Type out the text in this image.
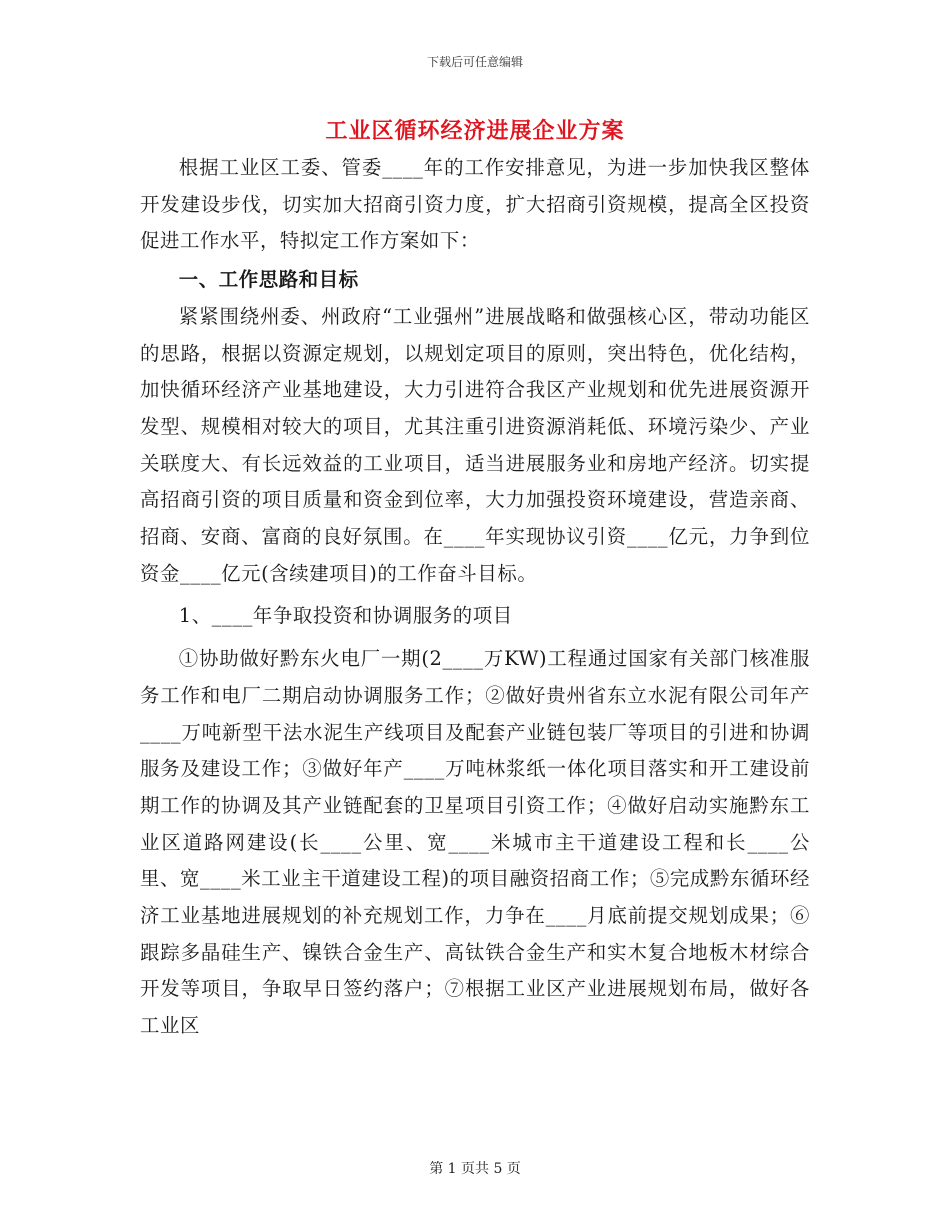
下载后可任意编辑
工业区循环经济进展企业方案

根据工业区工委、管委____年的工作安排意见，为进一步加快我区整体开发建设步伐，切实加大招商引资力度，扩大招商引资规模，提高全区投资促进工作水平，特拟定工作方案如下：

一、工作思路和目标

紧紧围绕州委、州政府“工业强州”进展战略和做强核心区，带动功能区的思路，根据以资源定规划，以规划定项目的原则，突出特色，优化结构，加快循环经济产业基地建设，大力引进符合我区产业规划和优先进展资源开发型、规模相对较大的项目，尤其注重引进资源消耗低、环境污染少、产业关联度大、有长远效益的工业项目，适当进展服务业和房地产经济。切实提高招商引资的项目质量和资金到位率，大力加强投资环境建设，营造亲商、招商、安商、富商的良好氛围。在____年实现协议引资____亿元，力争到位资金____亿元(含续建项目)的工作奋斗目标。

1、____年争取投资和协调服务的项目

①协助做好黔东火电厂一期(2____万KW)工程通过国家有关部门核准服务工作和电厂二期启动协调服务工作；②做好贵州省东立水泥有限公司年产____万吨新型干法水泥生产线项目及配套产业链包装厂等项目的引进和协调服务及建设工作；③做好年产____万吨林浆纸一体化项目落实和开工建设前期工作的协调及其产业链配套的卫星项目引资工作；④做好启动实施黔东工业区道路网建设(长____公里、宽____米城市主干道建设工程和长____公里、宽____米工业主干道建设工程)的项目融资招商工作；⑤完成黔东循环经济工业基地进展规划的补充规划工作，力争在____月底前提交规划成果；⑥跟踪多晶硅生产、镍铁合金生产、高钛铁合金生产和实木复合地板木材综合开发等项目，争取早日签约落户；⑦根据工业区产业进展规划布局，做好各工业区

第 1 页共 5 页
